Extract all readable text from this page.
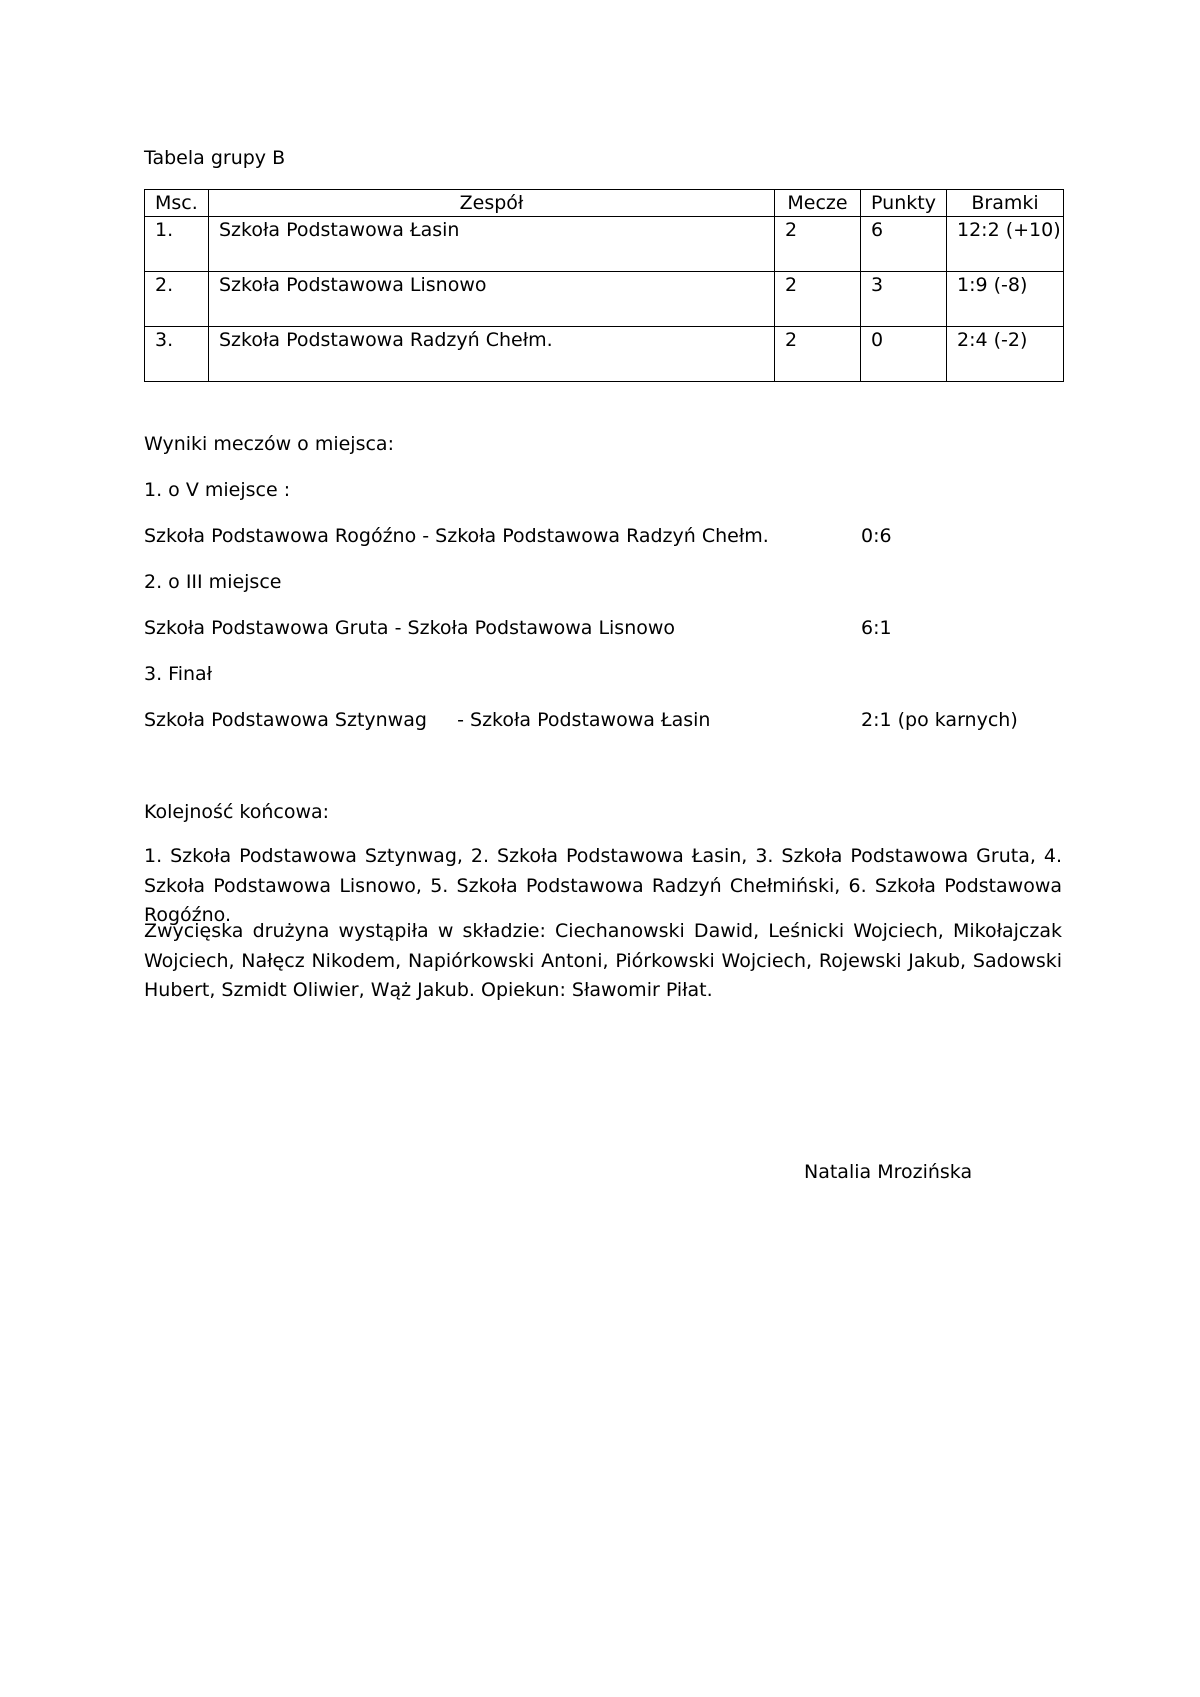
Tabela grupy B
Msc.	Zespół	Mecze	Punkty	Bramki
1.	Szkoła Podstawowa Łasin	2	6	12:2 (+10)
2.	Szkoła Podstawowa Lisnowo	2	3	1:9 (-8)
3.	Szkoła Podstawowa Radzyń Chełm.	2	0	2:4 (-2)
Wyniki meczów o miejsca:
1. o V miejsce :
Szkoła Podstawowa Rogóźno - Szkoła Podstawowa Radzyń Chełm.	0:6
2. o III miejsce
Szkoła Podstawowa Gruta - Szkoła Podstawowa Lisnowo	6:1
3. Finał
Szkoła Podstawowa Sztynwag     - Szkoła Podstawowa Łasin	2:1 (po karnych)
Kolejność końcowa:
1. Szkoła Podstawowa Sztynwag, 2. Szkoła Podstawowa Łasin, 3. Szkoła Podstawowa Gruta, 4. Szkoła Podstawowa Lisnowo, 5. Szkoła Podstawowa Radzyń Chełmiński, 6. Szkoła Podstawowa Rogóźno.
Zwycięska drużyna wystąpiła w składzie: Ciechanowski Dawid, Leśnicki Wojciech, Mikołajczak Wojciech, Nałęcz Nikodem, Napiórkowski Antoni, Piórkowski Wojciech, Rojewski Jakub, Sadowski Hubert, Szmidt Oliwier, Wąż Jakub. Opiekun: Sławomir Piłat.
Natalia Mrozińska
